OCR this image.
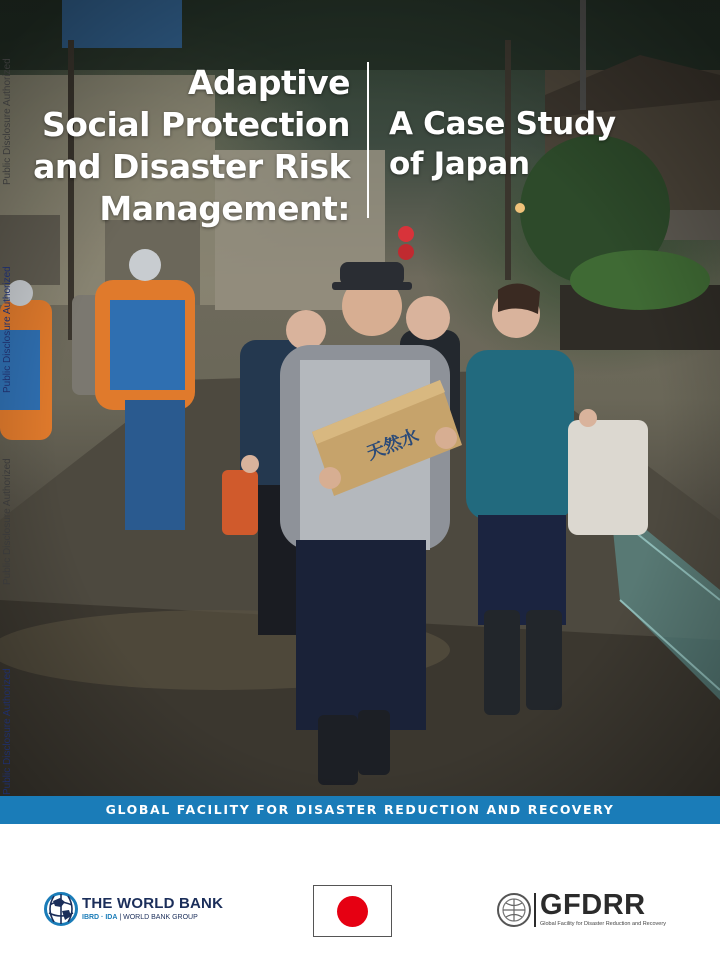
Adaptive
Social Protection
and Disaster Risk
Management:
A Case Study
of Japan
Public Disclosure Authorized
Public Disclosure Authorized
Public Disclosure Authorized
Public Disclosure Authorized
GLOBAL FACILITY FOR DISASTER REDUCTION AND RECOVERY
THE WORLD BANK
IBRD · IDA | WORLD BANK GROUP	GFDRR
Global Facility for Disaster Reduction and Recovery
